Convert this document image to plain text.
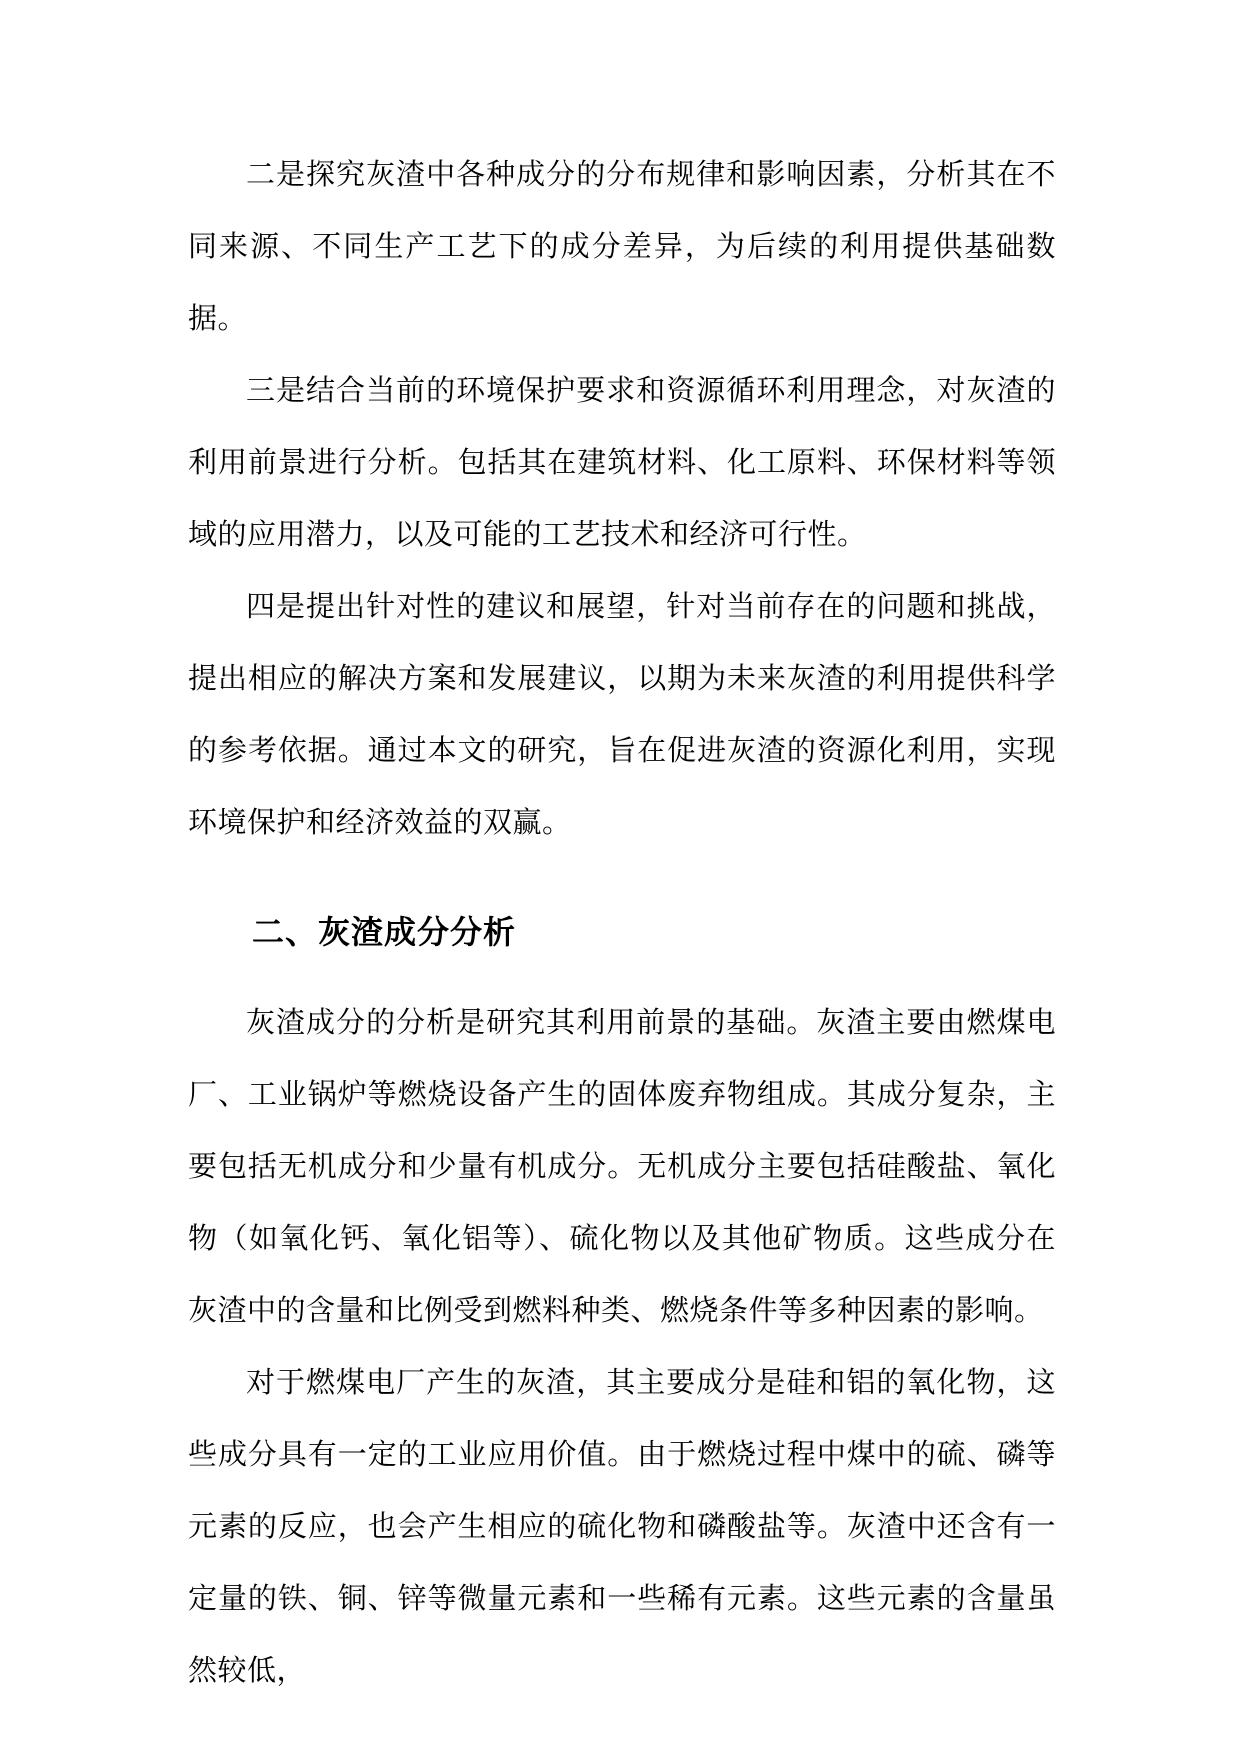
二是探究灰渣中各种成分的分布规律和影响因素，分析其在不同来源、不同生产工艺下的成分差异，为后续的利用提供基础数据。

三是结合当前的环境保护要求和资源循环利用理念，对灰渣的利用前景进行分析。包括其在建筑材料、化工原料、环保材料等领域的应用潜力，以及可能的工艺技术和经济可行性。

四是提出针对性的建议和展望，针对当前存在的问题和挑战，提出相应的解决方案和发展建议，以期为未来灰渣的利用提供科学的参考依据。通过本文的研究，旨在促进灰渣的资源化利用，实现环境保护和经济效益的双赢。

二、灰渣成分分析

灰渣成分的分析是研究其利用前景的基础。灰渣主要由燃煤电厂、工业锅炉等燃烧设备产生的固体废弃物组成。其成分复杂，主要包括无机成分和少量有机成分。无机成分主要包括硅酸盐、氧化物（如氧化钙、氧化铝等）、硫化物以及其他矿物质。这些成分在灰渣中的含量和比例受到燃料种类、燃烧条件等多种因素的影响。

对于燃煤电厂产生的灰渣，其主要成分是硅和铝的氧化物，这些成分具有一定的工业应用价值。由于燃烧过程中煤中的硫、磷等元素的反应，也会产生相应的硫化物和磷酸盐等。灰渣中还含有一定量的铁、铜、锌等微量元素和一些稀有元素。这些元素的含量虽然较低，
